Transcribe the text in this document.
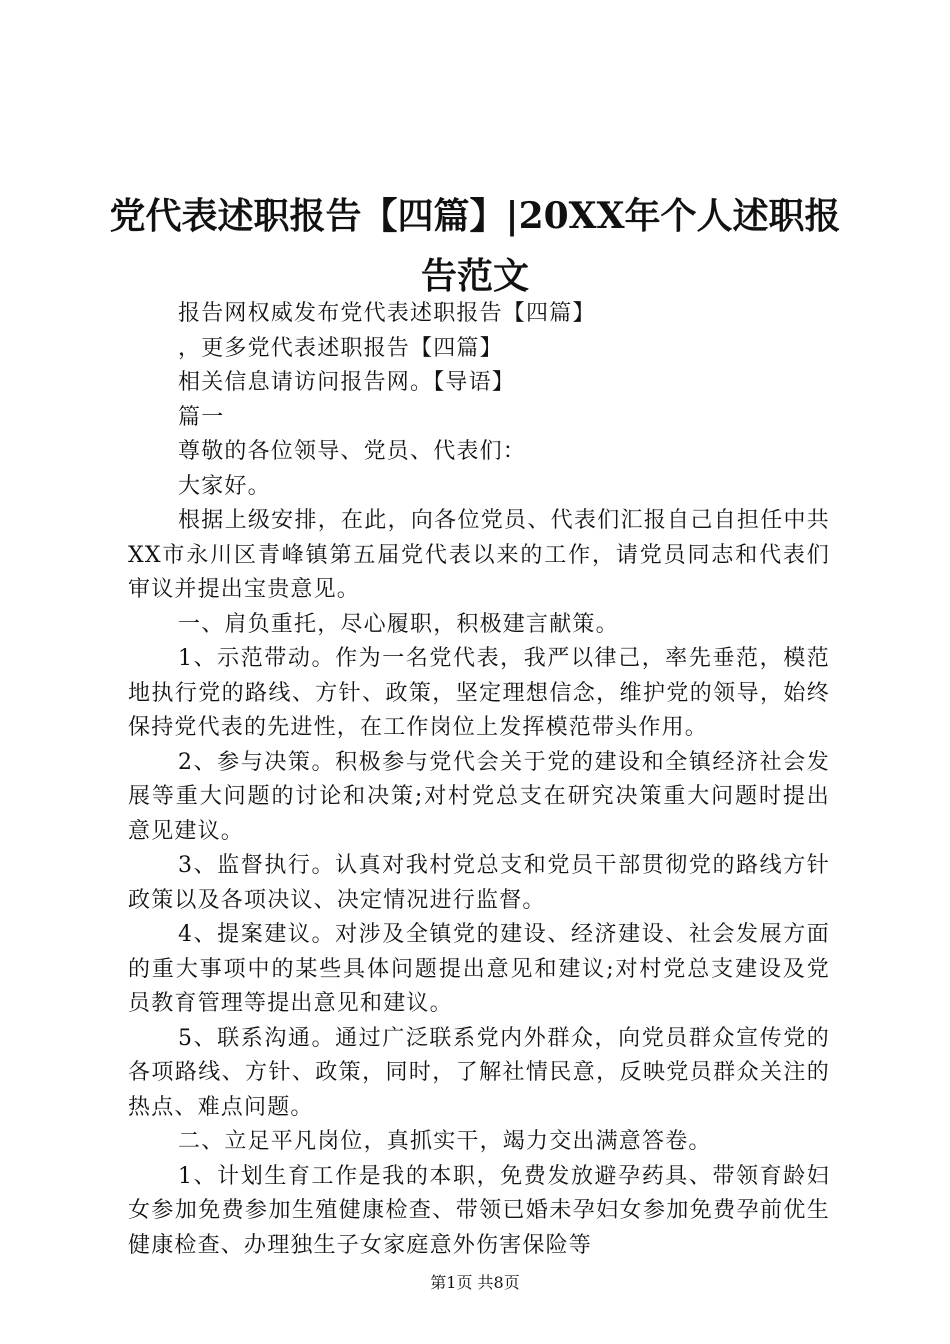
党代表述职报告【四篇】|20XX年个人述职报告范文

报告网权威发布党代表述职报告【四篇】

，更多党代表述职报告【四篇】

相关信息请访问报告网。【导语】

篇一

尊敬的各位领导、党员、代表们：

大家好。

根据上级安排，在此，向各位党员、代表们汇报自己自担任中共XX市永川区青峰镇第五届党代表以来的工作，请党员同志和代表们审议并提出宝贵意见。

一、肩负重托，尽心履职，积极建言献策。

1、示范带动。作为一名党代表，我严以律己，率先垂范，模范地执行党的路线、方针、政策，坚定理想信念，维护党的领导，始终保持党代表的先进性，在工作岗位上发挥模范带头作用。

2、参与决策。积极参与党代会关于党的建设和全镇经济社会发展等重大问题的讨论和决策;对村党总支在研究决策重大问题时提出意见建议。

3、监督执行。认真对我村党总支和党员干部贯彻党的路线方针政策以及各项决议、决定情况进行监督。

4、提案建议。对涉及全镇党的建设、经济建设、社会发展方面的重大事项中的某些具体问题提出意见和建议;对村党总支建设及党员教育管理等提出意见和建议。

5、联系沟通。通过广泛联系党内外群众，向党员群众宣传党的各项路线、方针、政策，同时，了解社情民意，反映党员群众关注的热点、难点问题。

二、立足平凡岗位，真抓实干，竭力交出满意答卷。

1、计划生育工作是我的本职，免费发放避孕药具、带领育龄妇女参加免费参加生殖健康检查、带领已婚未孕妇女参加免费孕前优生健康检查、办理独生子女家庭意外伤害保险等

第1页 共8页
